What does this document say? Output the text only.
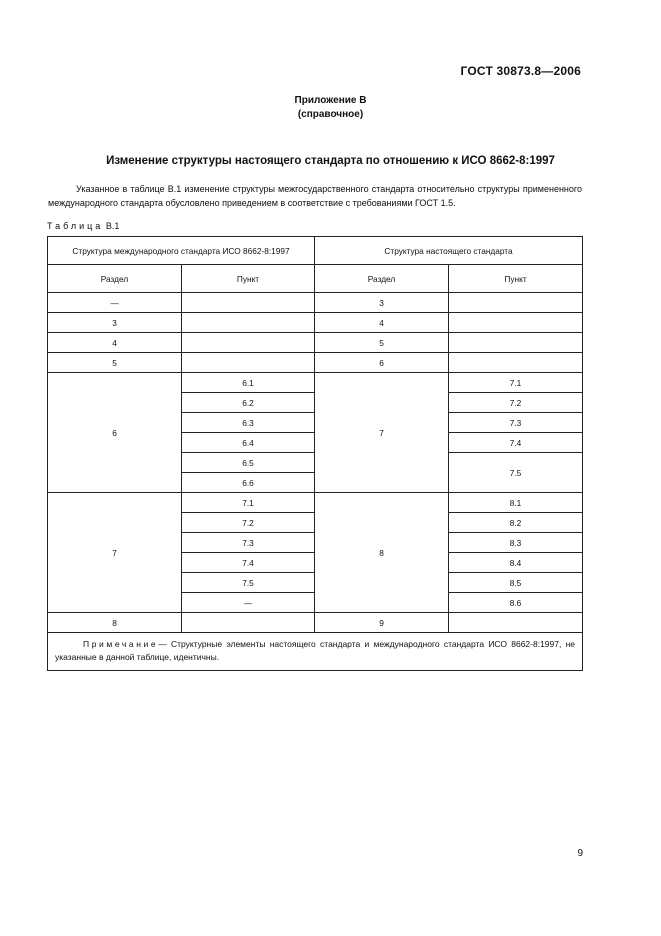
ГОСТ 30873.8—2006
Приложение В
(справочное)
Изменение структуры настоящего стандарта по отношению к ИСО 8662-8:1997
Указанное в таблице В.1 изменение структуры межгосударственного стандарта относительно структуры примененного международного стандарта обусловлено приведением в соответствие с требованиями ГОСТ 1.5.
Таблица В.1
Структура международного стандарта ИСО 8662-8:1997		Структура настоящего стандарта	
Раздел	Пункт	Раздел	Пункт
—		3	
3		4	
4		5	
5		6	
6	6.1	7	7.1
	6.2		7.2
	6.3		7.3
	6.4		7.4
	6.5		7.5
	6.6		
7	7.1	8	8.1
	7.2		8.2
	7.3		8.3
	7.4		8.4
	7.5		8.5
	—		8.6
8		9	
Примечание— Структурные элементы настоящего стандарта и международного стандарта ИСО 8662-8:1997, не указанные в данной таблице, идентичны.			
9
